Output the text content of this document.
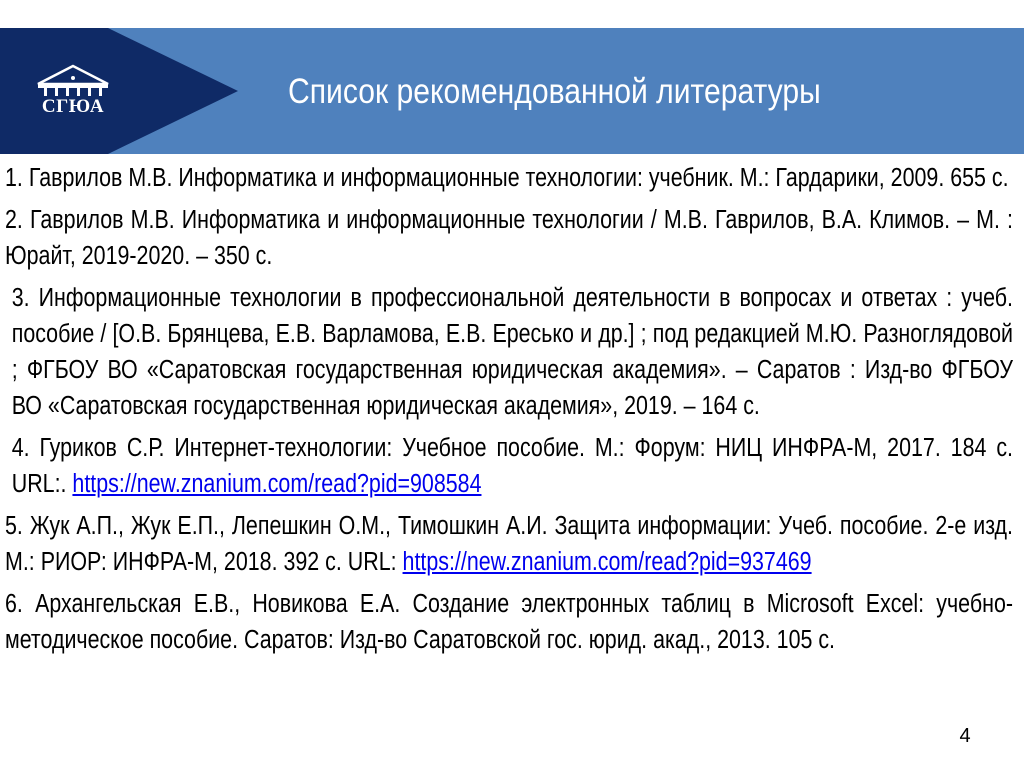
СГЮА	Список рекомендованной литературы
1. Гаврилов М.В. Информатика и информационные технологии: учебник. М.: Гардарики, 2009. 655 с.
2. Гаврилов М.В. Информатика и информационные технологии / М.В. Гаврилов, В.А. Климов. – М. : Юрайт, 2019-2020. – 350 с.
3. Информационные технологии в профессиональной деятельности в вопросах и ответах : учеб. пособие / [О.В. Брянцева, Е.В. Варламова, Е.В. Ересько и др.] ; под редакцией М.Ю. Разноглядовой ; ФГБОУ ВО «Саратовская государственная юридическая академия». – Саратов : Изд-во ФГБОУ ВО «Саратовская государственная юридическая академия», 2019. – 164 с.
4. Гуриков С.Р. Интернет-технологии: Учебное пособие. М.: Форум: НИЦ ИНФРА-М, 2017. 184 с. URL:. https://new.znanium.com/read?pid=908584
5. Жук А.П., Жук Е.П., Лепешкин О.М., Тимошкин А.И. Защита информации: Учеб. пособие. 2-е изд. М.: РИОР: ИНФРА-М, 2018. 392 с. URL: https://new.znanium.com/read?pid=937469
6. Архангельская Е.В., Новикова Е.А. Создание электронных таблиц в Microsoft Excel: учебно-методическое пособие. Саратов: Изд-во Саратовской гос. юрид. акад., 2013. 105 с.
4
